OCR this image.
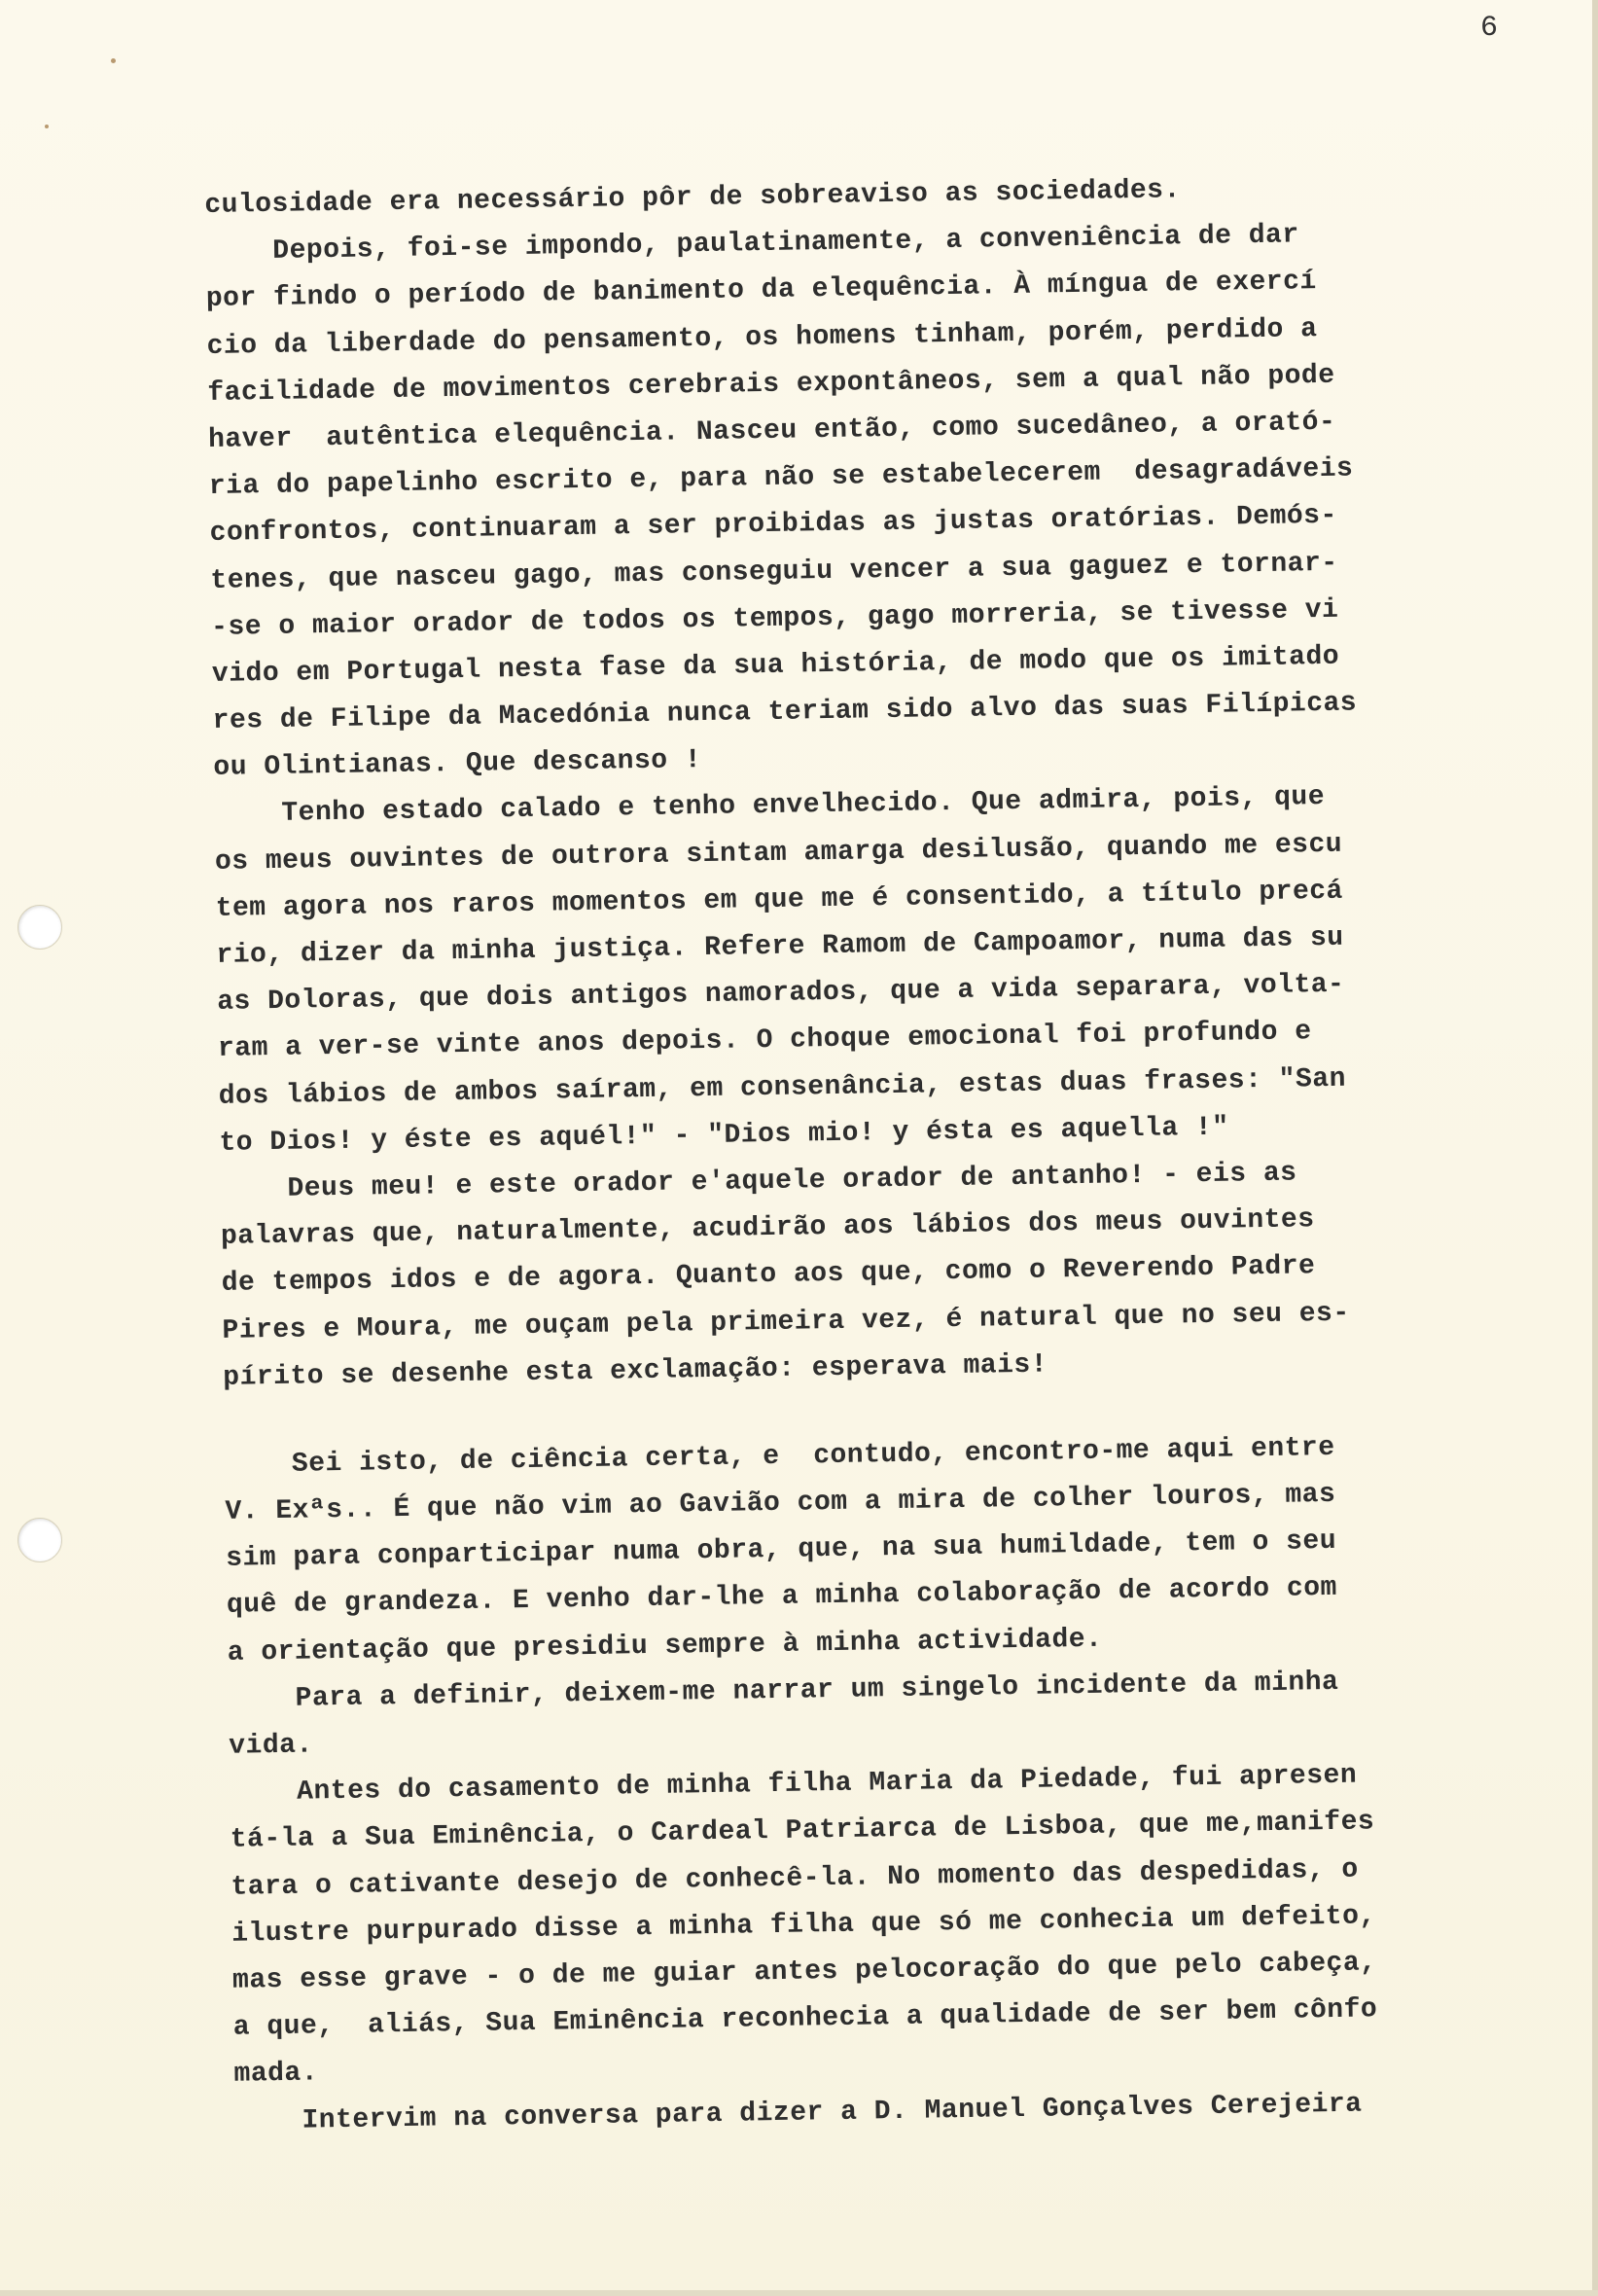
6
culosidade era necessário pôr de sobreaviso as sociedades.
Depois, foi-se impondo, paulatinamente, a conveniência de dar
por findo o período de banimento da elequência. À míngua de exercí
cio da liberdade do pensamento, os homens tinham, porém, perdido a
facilidade de movimentos cerebrais expontâneos, sem a qual não pode
haver  autêntica elequência. Nasceu então, como sucedâneo, a orató-
ria do papelinho escrito e, para não se estabelecerem  desagradáveis
confrontos, continuaram a ser proibidas as justas oratórias. Demós-
tenes, que nasceu gago, mas conseguiu vencer a sua gaguez e tornar-
-se o maior orador de todos os tempos, gago morreria, se tivesse vi
vido em Portugal nesta fase da sua história, de modo que os imitado
res de Filipe da Macedónia nunca teriam sido alvo das suas Filípicas
ou Olintianas. Que descanso !
Tenho estado calado e tenho envelhecido. Que admira, pois, que
os meus ouvintes de outrora sintam amarga desilusão, quando me escu
tem agora nos raros momentos em que me é consentido, a título precá
rio, dizer da minha justiça. Refere Ramom de Campoamor, numa das su
as Doloras, que dois antigos namorados, que a vida separara, volta-
ram a ver-se vinte anos depois. O choque emocional foi profundo e
dos lábios de ambos saíram, em consenância, estas duas frases: "San
to Dios! y éste es aquél!" - "Dios mio! y ésta es aquella !"
Deus meu! e este orador e'aquele orador de antanho! - eis as
palavras que, naturalmente, acudirão aos lábios dos meus ouvintes
de tempos idos e de agora. Quanto aos que, como o Reverendo Padre
Pires e Moura, me ouçam pela primeira vez, é natural que no seu es-
pírito se desenhe esta exclamação: esperava mais!
Sei isto, de ciência certa, e  contudo, encontro-me aqui entre
V. Exªs.. É que não vim ao Gavião com a mira de colher louros, mas
sim para conparticipar numa obra, que, na sua humildade, tem o seu
quê de grandeza. E venho dar-lhe a minha colaboração de acordo com
a orientação que presidiu sempre à minha actividade.
Para a definir, deixem-me narrar um singelo incidente da minha
vida.
Antes do casamento de minha filha Maria da Piedade, fui apresen
tá-la a Sua Eminência, o Cardeal Patriarca de Lisboa, que me,manifes
tara o cativante desejo de conhecê-la. No momento das despedidas, o
ilustre purpurado disse a minha filha que só me conhecia um defeito,
mas esse grave - o de me guiar antes pelocoração do que pelo cabeça,
a que,  aliás, Sua Eminência reconhecia a qualidade de ser bem cônfo
mada.
Intervim na conversa para dizer a D. Manuel Gonçalves Cerejeira
